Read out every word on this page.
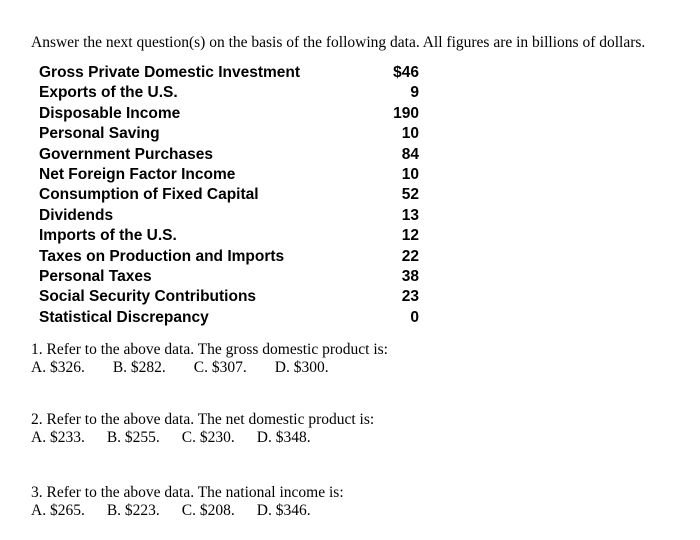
Answer the next question(s) on the basis of the following data. All figures are in billions of dollars.
Gross Private Domestic Investment	$46
Exports of the U.S.	9
Disposable Income	190
Personal Saving	10
Government Purchases	84
Net Foreign Factor Income	10
Consumption of Fixed Capital	52
Dividends	13
Imports of the U.S.	12
Taxes on Production and Imports	22
Personal Taxes	38
Social Security Contributions	23
Statistical Discrepancy	0
1. Refer to the above data. The gross domestic product is:
A. $326. B. $282. C. $307. D. $300.
2. Refer to the above data. The net domestic product is:
A. $233. B. $255. C. $230. D. $348.
3. Refer to the above data. The national income is:
A. $265. B. $223. C. $208. D. $346.
